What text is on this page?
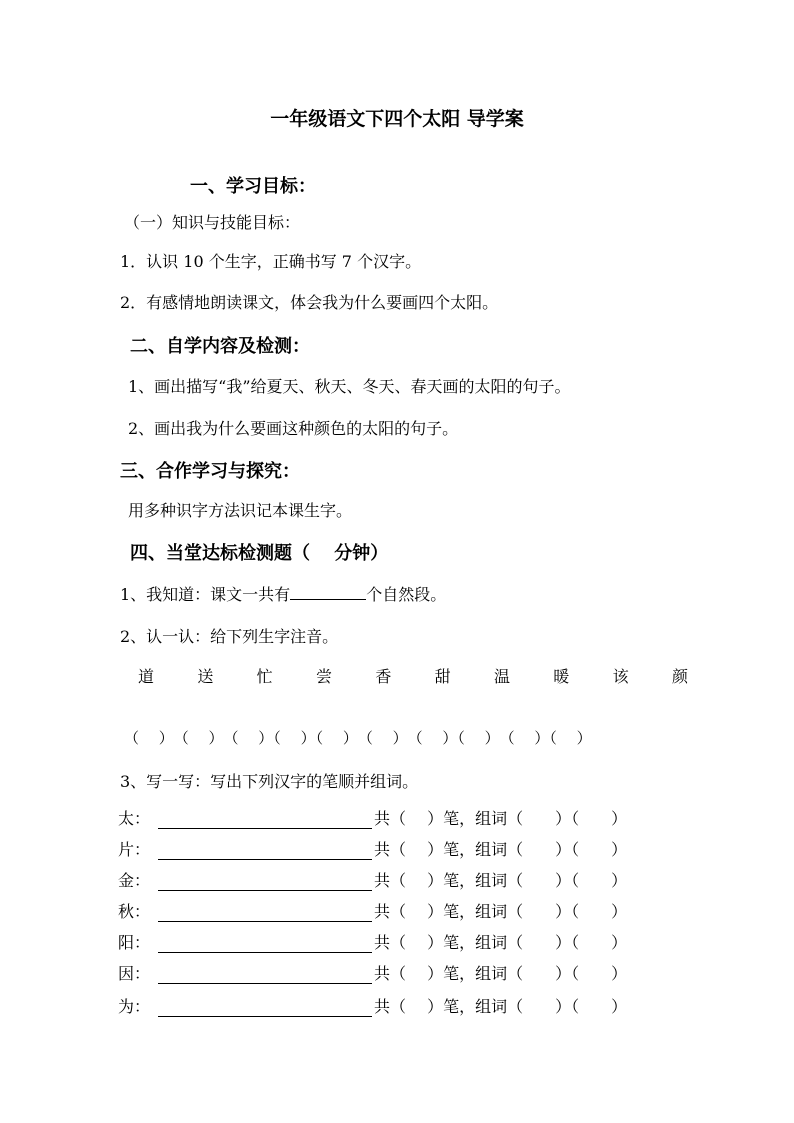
一年级语文下四个太阳 导学案
一、学习目标：
（一）知识与技能目标：
1．认识 10 个生字，正确书写 7 个汉字。
2．有感情地朗读课文，体会我为什么要画四个太阳。
二、自学内容及检测：
1、画出描写“我”给夏天、秋天、冬天、春天画的太阳的句子。
2、画出我为什么要画这种颜色的太阳的句子。
三、合作学习与探究：
用多种识字方法识记本课生字。
四、当堂达标检测题（　 分钟）
1、我知道：课文一共有	个自然段。
2、认一认：给下列生字注音。
道	送	忙	尝	香	甜	温	暖	该	颜
（　 ）　（　 ）　（　 ）（　 ）（　 ）　（　 ）　（　 ）（　 ）　（　 ）（　 ）
3、写一写：写出下列汉字的笔顺并组词。
太：	共（　 ）笔，组词（　　）（　　）
片：	共（　 ）笔，组词（　　）（　　）
金：	共（　 ）笔，组词（　　）（　　）
秋：	共（　 ）笔，组词（　　）（　　）
阳：	共（　 ）笔，组词（　　）（　　）
因：	共（　 ）笔，组词（　　）（　　）
为：	共（　 ）笔，组词（　　）（　　）
